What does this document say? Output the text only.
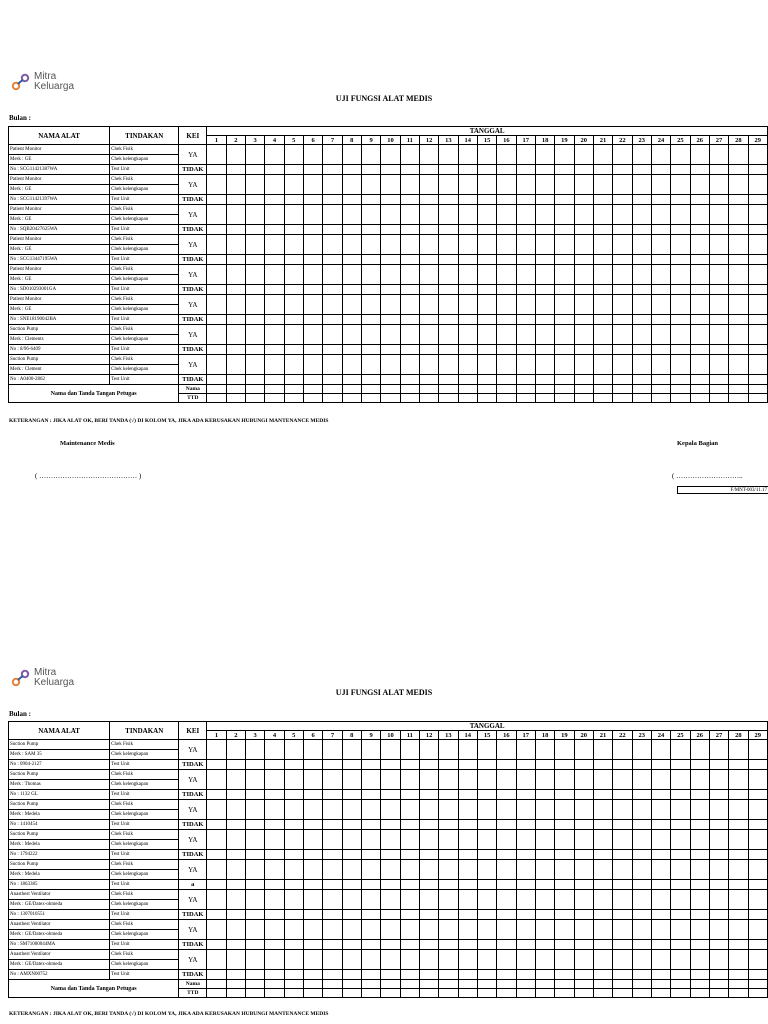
Mitra
Keluarga
UJI FUNGSI ALAT MEDIS
Bulan :
NAMA ALAT	TINDAKAN	KEI	TANGGAL																												
			1	2	3	4	5	6	7	8	9	10	11	12	13	14	15	16	17	18	19	20	21	22	23	24	25	26	27	28	29
Patient Monitor	Chek Fisik	YA																													
Merk : GE	Chek kelengkapan																														
No : SCG11421387WA	Test Unit	TIDAK																													
Patient Monitor	Chek Fisik	YA																													
Merk : GE	Chek kelengkapan																														
No : SCG11421397WA	Test Unit	TIDAK																													
Patient Monitor	Chek Fisik	YA																													
Merk : GE	Chek kelengkapan																														
No : SQB20427625WA	Test Unit	TIDAK																													
Patient Monitor	Chek Fisik	YA																													
Merk : GE	Chek kelengkapan																														
No : SCG13447195WA	Test Unit	TIDAK																													
Patient Monitor	Chek Fisik	YA																													
Merk : GE	Chek kelengkapan																														
No : SD010293001GA	Test Unit	TIDAK																													
Patient Monitor	Chek Fisik	YA																													
Merk : GE	Chek kelengkapan																														
No : SNE18190042BA	Test Unit	TIDAK																													
Suction Pump	Chek Fisik	YA																													
Merk : Clements	Chek kelengkapan																														
No : 8/96-6409	Test Unit	TIDAK																													
Suction Pump	Chek Fisik	YA																													
Merk : Clement	Chek kelengkapan																														
No : A0400-2862	Test Unit	TIDAK																													
Nama dan Tanda Tangan Petugas		Nama																													
		TTD																													
KETERANGAN : JIKA ALAT OK, BERI TANDA (√) DI KOLOM YA, JIKA ADA KERUSAKAN HUBUNGI MANTENANCE MEDIS
Maintenance Medis	Kepala Bagian
( …………………………………… )	( ………………………..
F/MNT-003/11.17
Mitra
Keluarga
UJI FUNGSI ALAT MEDIS
Bulan :
NAMA ALAT	TINDAKAN	KEI	TANGGAL																												
			1	2	3	4	5	6	7	8	9	10	11	12	13	14	15	16	17	18	19	20	21	22	23	24	25	26	27	28	29
Suction Pump	Chek Fisik	YA																													
Merk : SAM 35	Chek kelengkapan																														
No : 0904-2127	Test Unit	TIDAK																													
Suction Pump	Chek Fisik	YA																													
Merk : Thomas	Chek kelengkapan																														
No : 1132 GL	Test Unit	TIDAK																													
Suction Pump	Chek Fisik	YA																													
Merk : Medela	Chek kelengkapan																														
No : 1410454	Test Unit	TIDAK																													
Suction Pump	Chek Fisik	YA																													
Merk : Medela	Chek kelengkapan																														
No : 1794222	Test Unit	TIDAK																													
Suction Pump	Chek Fisik	YA																													
Merk : Medela	Chek kelengkapan																														
No : 1863385	Test Unit	a																													
Anasthest Ventilator	Chek Fisik	YA																													
Merk : GE/Datex-ohmeda	Chek kelengkapan																														
No : 1307010551	Test Unit	TIDAK																													
Anasthest Ventilator	Chek Fisik	YA																													
Merk : GE/Datex-ohmeda	Chek kelengkapan																														
No : SM71000044MA	Test Unit	TIDAK																													
Anasthest Ventilator	Chek Fisik	YA																													
Merk : GE/Datex-ohmeda	Chek kelengkapan																														
No : AMXN00752	Test Unit	TIDAK																													
Nama dan Tanda Tangan Petugas		Nama																													
		TTD																													
KETERANGAN : JIKA ALAT OK, BERI TANDA (√) DI KOLOM YA, JIKA ADA KERUSAKAN HUBUNGI MANTENANCE MEDIS
